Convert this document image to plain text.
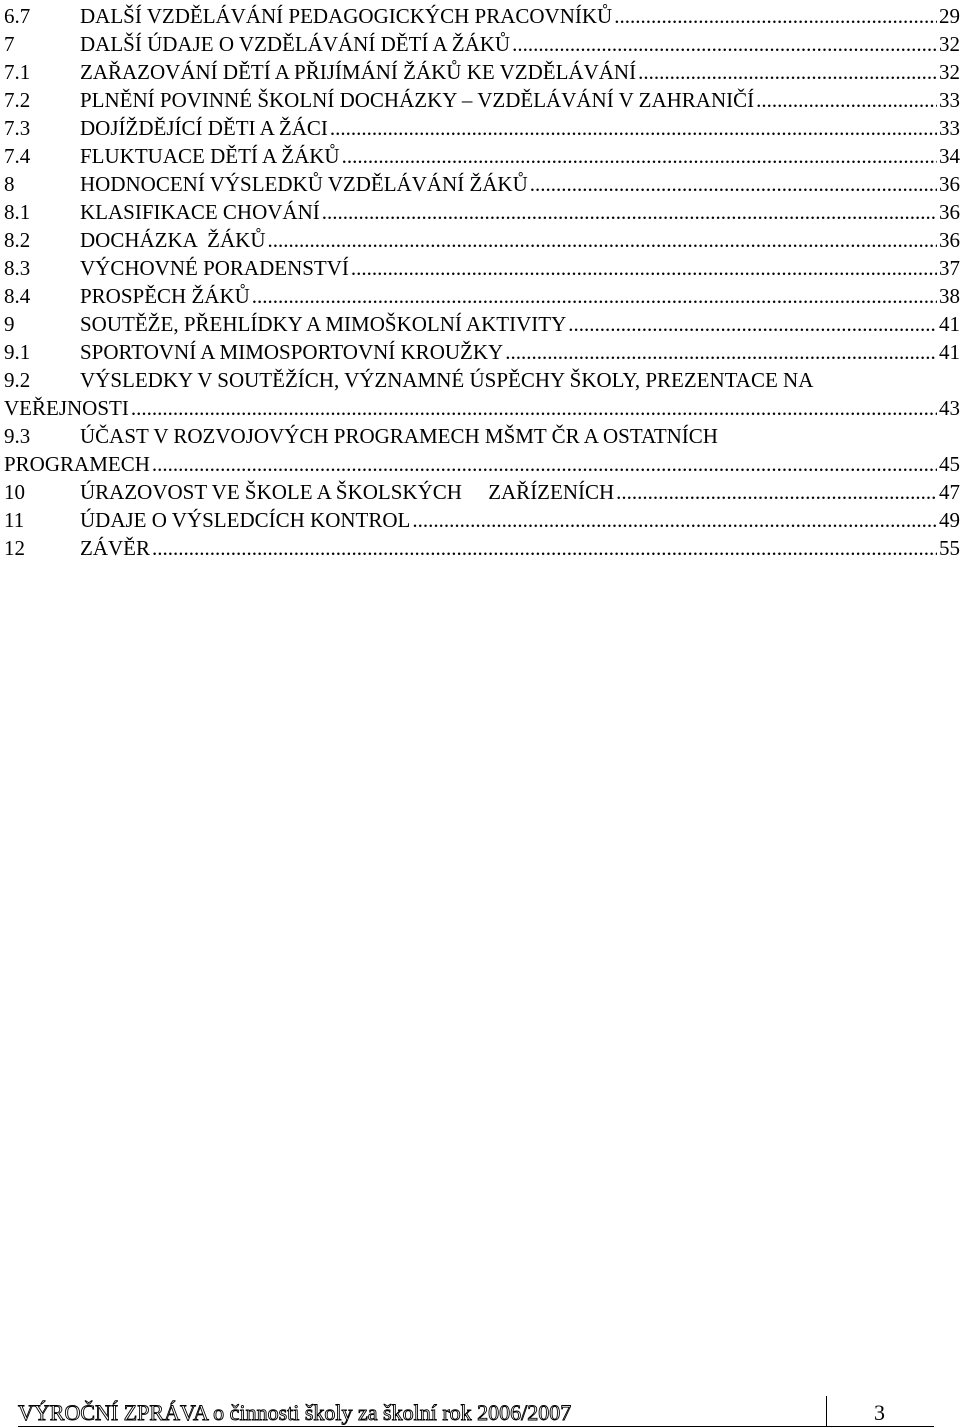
6.7 DALŠÍ VZDĚLÁVÁNÍ PEDAGOGICKÝCH PRACOVNÍKŮ .....	29
7	DALŠÍ ÚDAJE O VZDĚLÁVÁNÍ DĚTÍ A ŽÁKŮ .....	32
7.1 ZAŘAZOVÁNÍ DĚTÍ A PŘIJÍMÁNÍ ŽÁKŮ KE VZDĚLÁVÁNÍ .....	32
7.2 PLNĚNÍ POVINNÉ ŠKOLNÍ DOCHÁZKY – VZDĚLÁVÁNÍ V ZAHRANIČÍ .....	33
7.3 DOJÍŽDĚJÍCÍ DĚTI A ŽÁCI .....	33
7.4 FLUKTUACE DĚTÍ A ŽÁKŮ .....	34
8	HODNOCENÍ VÝSLEDKŮ VZDĚLÁVÁNÍ ŽÁKŮ .....	36
8.1 KLASIFIKACE CHOVÁNÍ .....	36
8.2 DOCHÁZKA  ŽÁKŮ .....	36
8.3 VÝCHOVNÉ PORADENSTVÍ .....	37
8.4 PROSPĚCH ŽÁKŮ .....	38
9	SOUTĚŽE, PŘEHLÍDKY A MIMOŠKOLNÍ AKTIVITY .....	41
9.1 SPORTOVNÍ A MIMOSPORTOVNÍ KROUŽKY .....	41
9.2 VÝSLEDKY V SOUTĚŽÍCH, VÝZNAMNÉ ÚSPĚCHY ŠKOLY, PREZENTACE NA
VEŘEJNOSTI .....	43
9.3 ÚČAST V ROZVOJOVÝCH PROGRAMECH MŠMT ČR A OSTATNÍCH
PROGRAMECH .....	45
10	ÚRAZOVOST VE ŠKOLE A ŠKOLSKÝCH     ZAŘÍZENÍCH .....	47
11	ÚDAJE O VÝSLEDCÍCH KONTROL .....	49
12	ZÁVĚR .....	55
VÝROČNÍ ZPRÁVA o činnosti školy za školní rok 2006/2007	3
